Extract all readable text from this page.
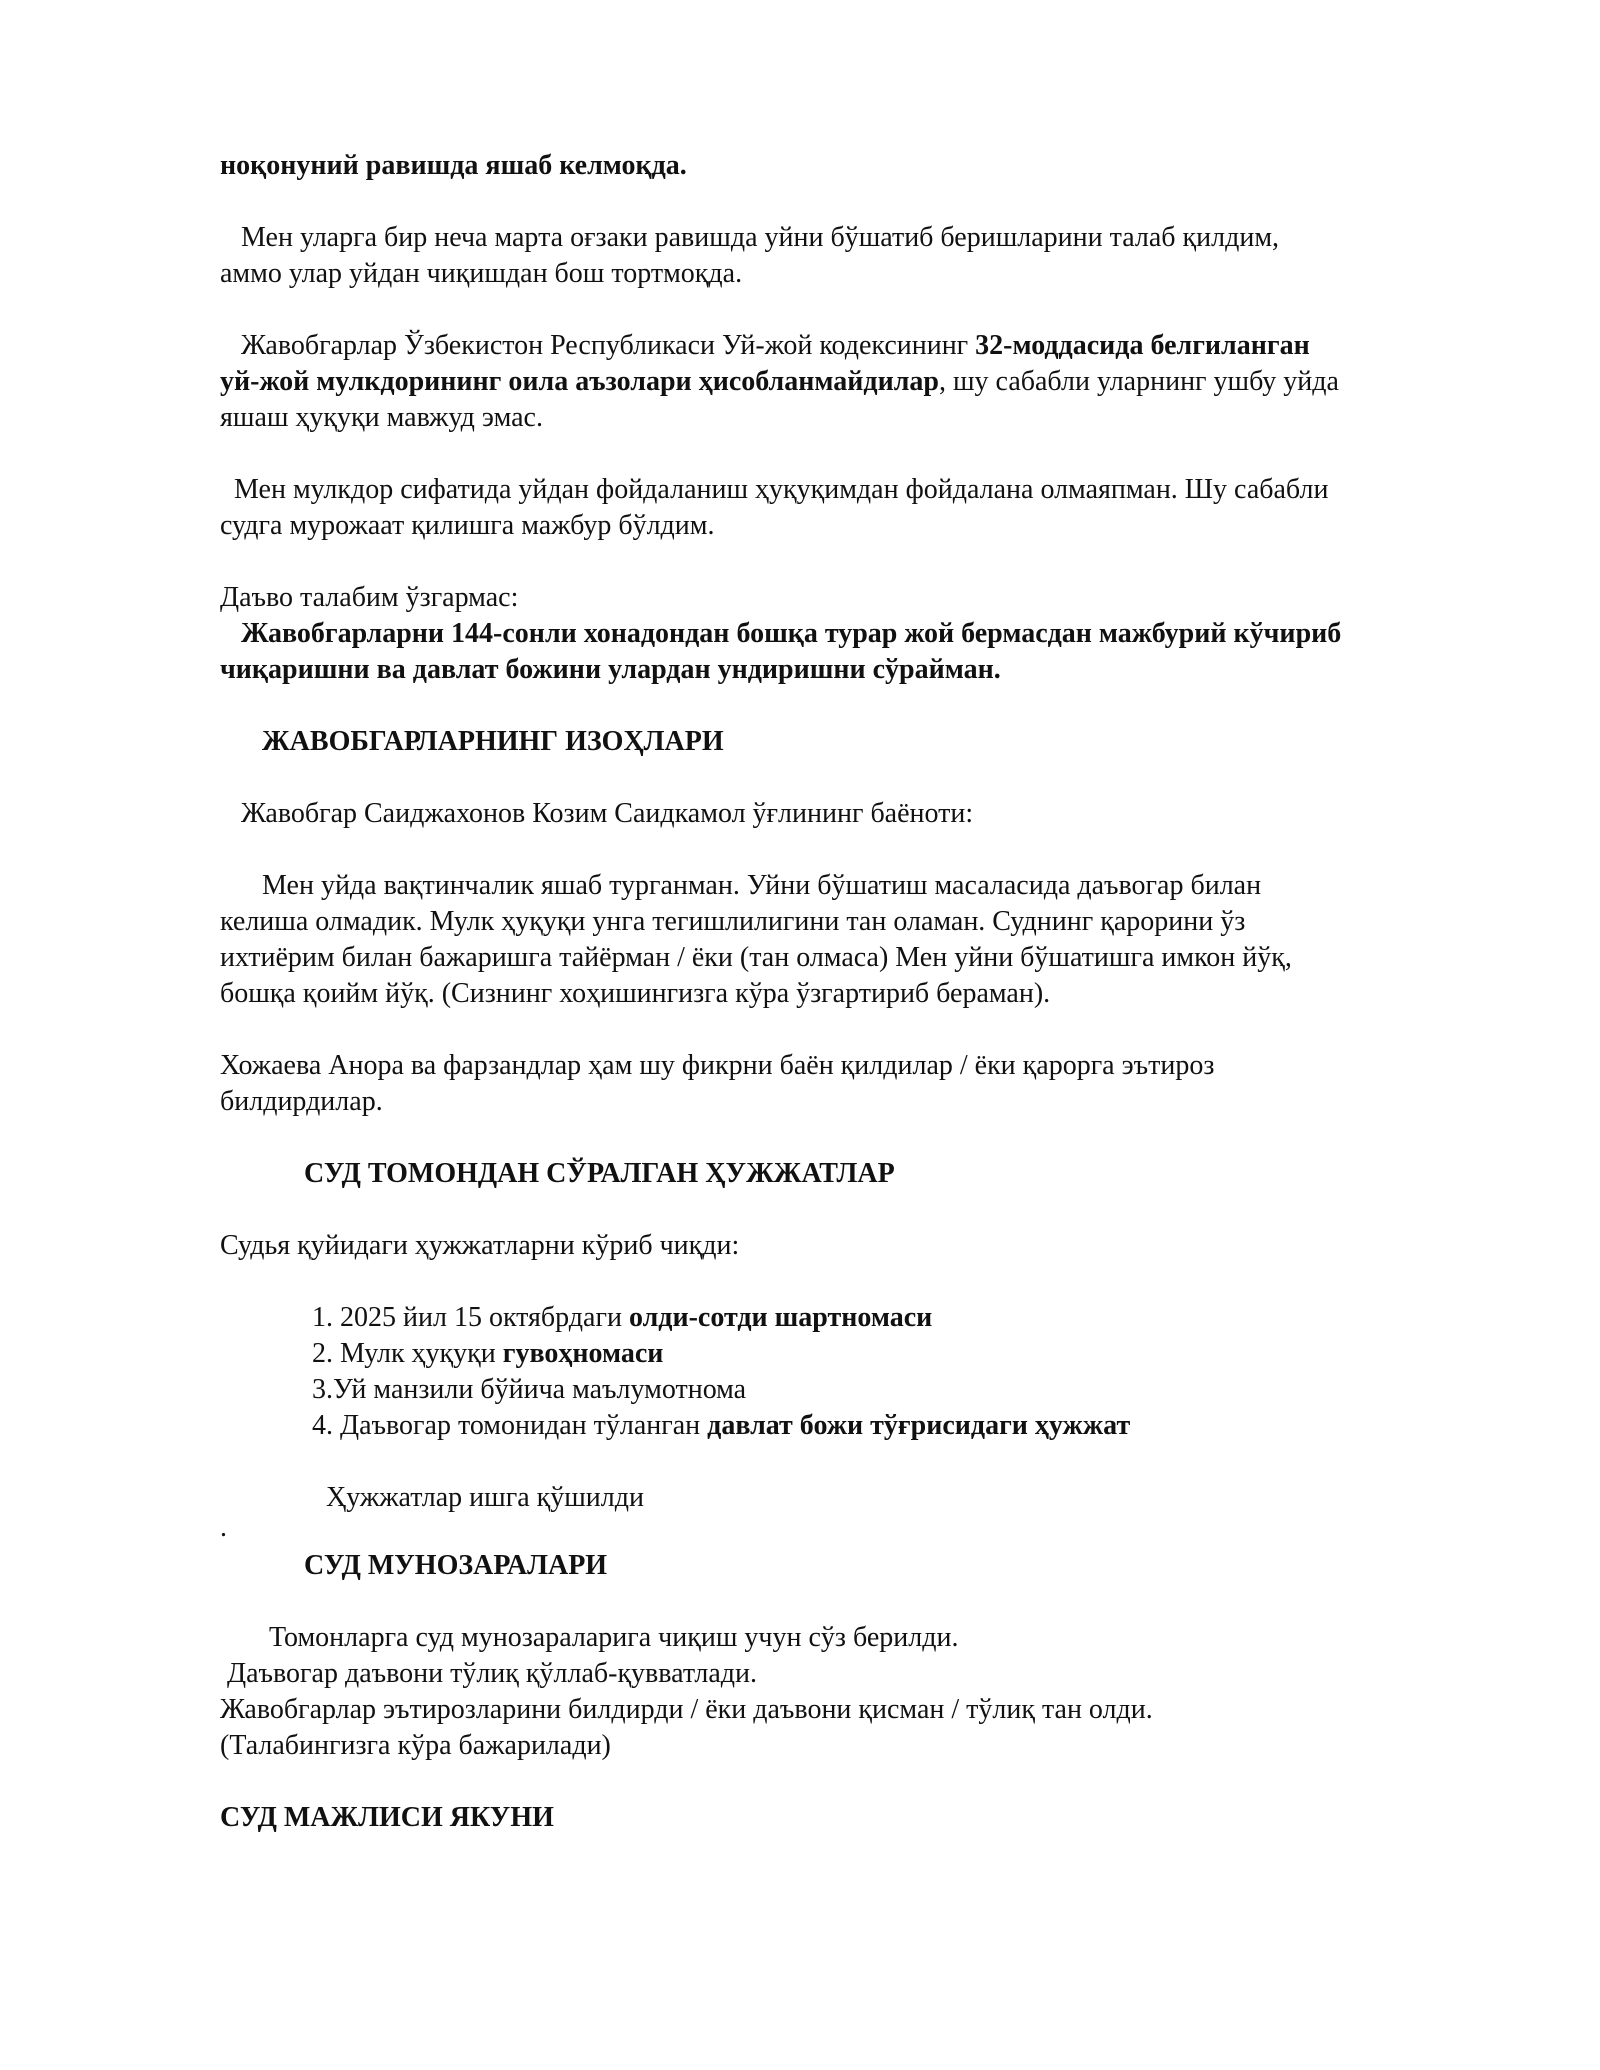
ноқонуний равишда яшаб келмоқда.
Мен уларга бир неча марта оғзаки равишда уйни бўшатиб беришларини талаб қилдим,
аммо улар уйдан чиқишдан бош тортмоқда.
Жавобгарлар Ўзбекистон Республикаси Уй-жой кодексининг 32-моддасида белгиланган
уй-жой мулкдорининг оила аъзолари ҳисобланмайдилар, шу сабабли уларнинг ушбу уйда
яшаш ҳуқуқи мавжуд эмас.
Мен мулкдор сифатида уйдан фойдаланиш ҳуқуқимдан фойдалана олмаяпман. Шу сабабли
судга мурожаат қилишга мажбур бўлдим.
Даъво талабим ўзгармас:
Жавобгарларни 144-сонли хонадондан бошқа турар жой бермасдан мажбурий кўчириб
чиқаришни ва давлат божини улардан ундиришни сўрайман.
ЖАВОБГАРЛАРНИНГ ИЗОҲЛАРИ
Жавобгар Саиджахонов Козим Саидкамол ўғлининг баёноти:
Мен уйда вақтинчалик яшаб турганман. Уйни бўшатиш масаласида даъвогар билан
келиша олмадик. Мулк ҳуқуқи унга тегишлилигини тан оламан. Суднинг қарорини ўз
ихтиёрим билан бажаришга тайёрман / ёки (тан олмаса) Мен уйни бўшатишга имкон йўқ,
бошқа қоийм йўқ. (Сизнинг хоҳишингизга кўра ўзгартириб бераман).
Хожаева Анора ва фарзандлар ҳам шу фикрни баён қилдилар / ёки қарорга эътироз
билдирдилар.
СУД ТОМОНДАН СЎРАЛГАН ҲУЖЖАТЛАР
Судья қуйидаги ҳужжатларни кўриб чиқди:
1. 2025 йил 15 октябрдаги олди-сотди шартномаси
2. Мулк ҳуқуқи гувоҳномаси
3.Уй манзили бўйича маълумотнома
4. Даъвогар томонидан тўланган давлат божи тўғрисидаги ҳужжат
Ҳужжатлар ишга қўшилди
.
СУД МУНОЗАРАЛАРИ
Томонларга суд мунозараларига чиқиш учун сўз берилди.
Даъвогар даъвони тўлиқ қўллаб-қувватлади.
Жавобгарлар эътирозларини билдирди / ёки даъвони қисман / тўлиқ тан олди.
(Талабингизга кўра бажарилади)
СУД МАЖЛИСИ ЯКУНИ
